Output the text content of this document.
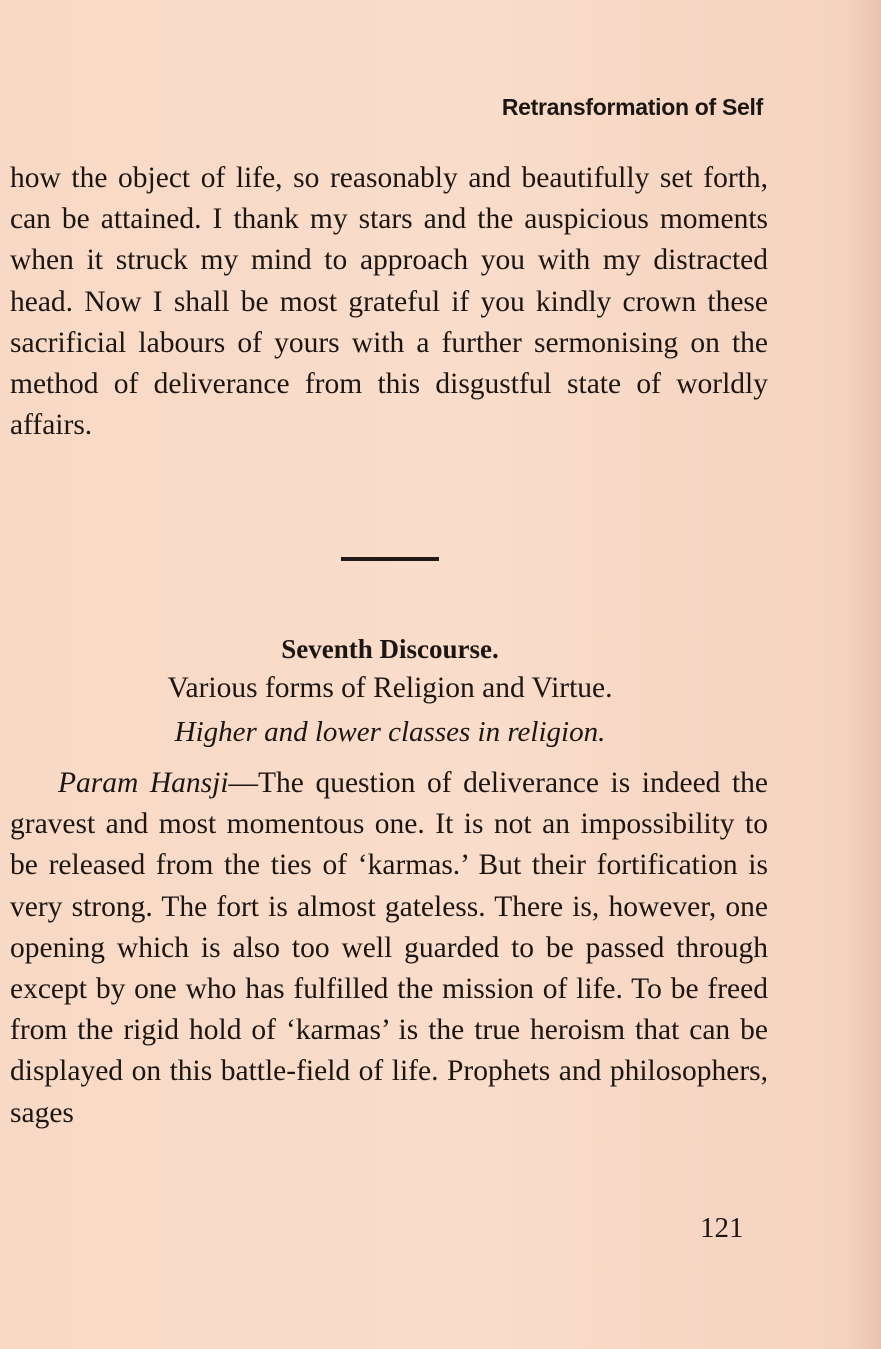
Retransformation of Self

how the object of life, so reasonably and beautifully set forth, can be attained. I thank my stars and the auspicious moments when it struck my mind to approach you with my distracted head. Now I shall be most grateful if you kindly crown these sacrificial labours of yours with a further sermonising on the method of deliverance from this disgustful state of worldly affairs.

Seventh Discourse.
Various forms of Religion and Virtue.
Higher and lower classes in religion.

Param Hansji—The question of deliverance is indeed the gravest and most momentous one. It is not an impossibility to be released from the ties of ‘karmas.’ But their fortification is very strong. The fort is almost gateless. There is, however, one opening which is also too well guarded to be passed through except by one who has fulfilled the mission of life. To be freed from the rigid hold of ‘karmas’ is the true heroism that can be displayed on this battle-field of life. Prophets and philosophers, sages

121
